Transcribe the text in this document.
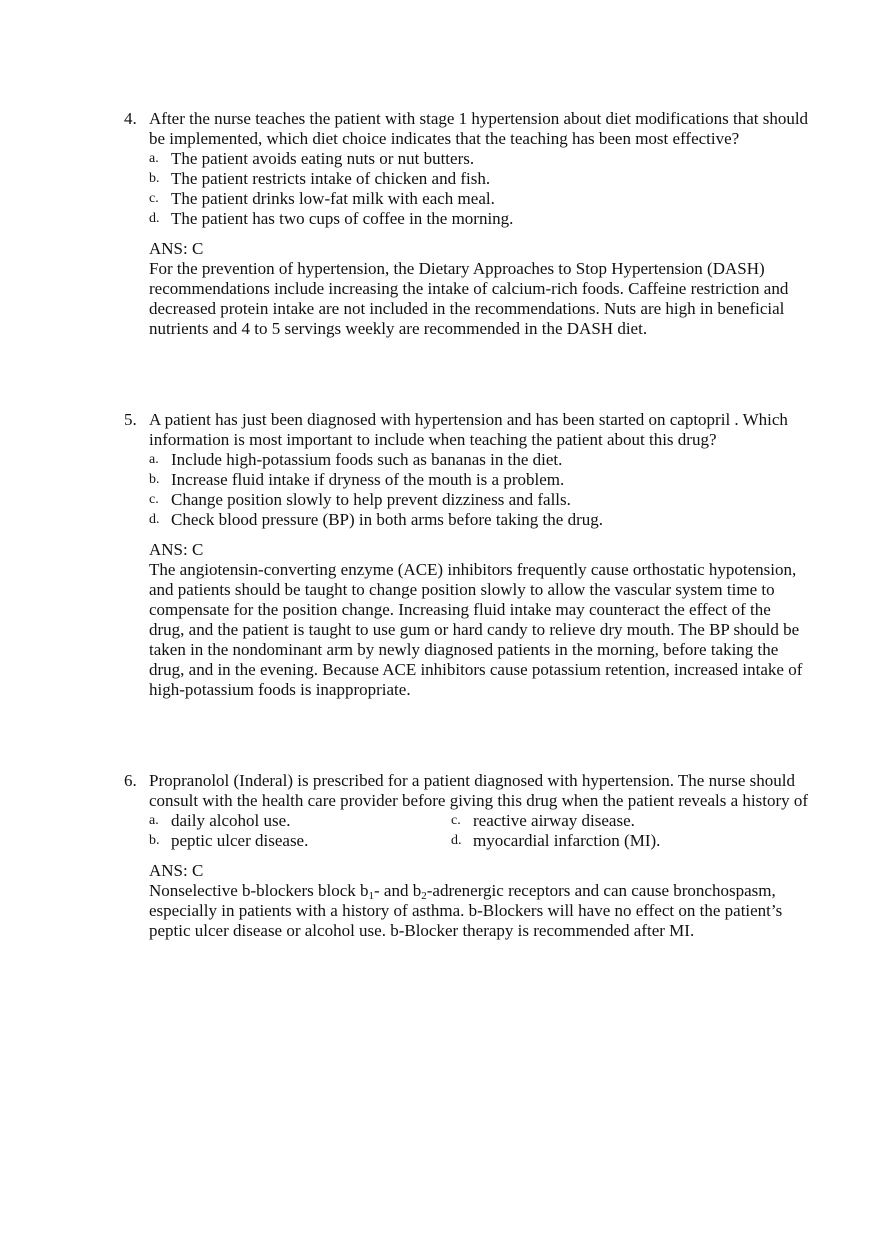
4. After the nurse teaches the patient with stage 1 hypertension about diet modifications that should be implemented, which diet choice indicates that the teaching has been most effective?
a. The patient avoids eating nuts or nut butters.
b. The patient restricts intake of chicken and fish.
c. The patient drinks low-fat milk with each meal.
d. The patient has two cups of coffee in the morning.
ANS: C

For the prevention of hypertension, the Dietary Approaches to Stop Hypertension (DASH) recommendations include increasing the intake of calcium-rich foods. Caffeine restriction and decreased protein intake are not included in the recommendations. Nuts are high in beneficial nutrients and 4 to 5 servings weekly are recommended in the DASH diet.

5. A patient has just been diagnosed with hypertension and has been started on captopril . Which information is most important to include when teaching the patient about this drug?
a. Include high-potassium foods such as bananas in the diet.
b. Increase fluid intake if dryness of the mouth is a problem.
c. Change position slowly to help prevent dizziness and falls.
d. Check blood pressure (BP) in both arms before taking the drug.
ANS: C

The angiotensin-converting enzyme (ACE) inhibitors frequently cause orthostatic hypotension, and patients should be taught to change position slowly to allow the vascular system time to compensate for the position change. Increasing fluid intake may counteract the effect of the drug, and the patient is taught to use gum or hard candy to relieve dry mouth. The BP should be taken in the nondominant arm by newly diagnosed patients in the morning, before taking the drug, and in the evening. Because ACE inhibitors cause potassium retention, increased intake of high-potassium foods is inappropriate.

6. Propranolol (Inderal) is prescribed for a patient diagnosed with hypertension. The nurse should consult with the health care provider before giving this drug when the patient reveals a history of
a. daily alcohol use.	c. reactive airway disease.
b. peptic ulcer disease.	d. myocardial infarction (MI).
ANS: C

Nonselective b-blockers block $b_1-$ and $b_2$-adrenergic receptors and can cause bronchospasm, especially in patients with a history of asthma. b-Blockers will have no effect on the patient’s peptic ulcer disease or alcohol use. b-Blocker therapy is recommended after MI.
